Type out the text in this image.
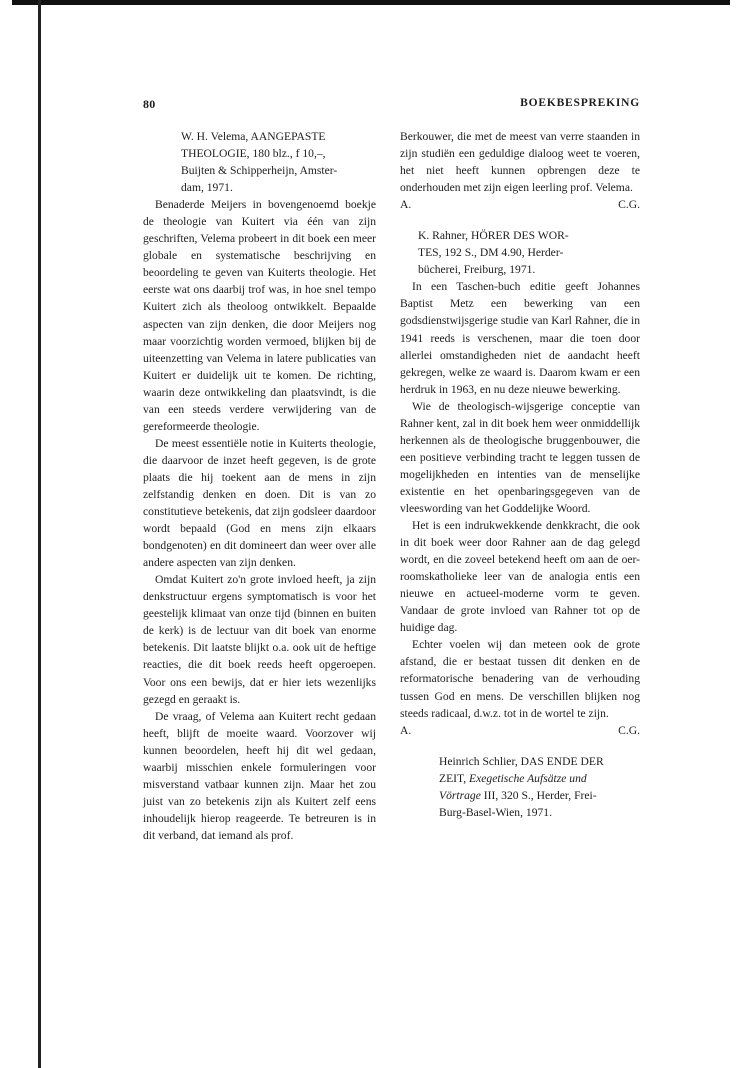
80	BOEKBESPREKING
W. H. Velema, AANGEPASTE
THEOLOGIE, 180 blz., f 10,–,
Buijten & Schipperheijn, Amster-
dam, 1971.

Benaderde Meijers in bovengenoemd boekje de theologie van Kuitert via één van zijn geschriften, Velema probeert in dit boek een meer globale en systematische beschrijving en beoordeling te geven van Kuiterts theologie. Het eerste wat ons daarbij trof was, in hoe snel tempo Kuitert zich als theoloog ontwikkelt. Bepaalde aspecten van zijn denken, die door Meijers nog maar voorzichtig worden vermoed, blijken bij de uiteenzetting van Velema in latere publicaties van Kuitert er duidelijk uit te komen. De richting, waarin deze ontwikkeling dan plaatsvindt, is die van een steeds verdere verwijdering van de gereformeerde theologie.

De meest essentiële notie in Kuiterts theologie, die daarvoor de inzet heeft gegeven, is de grote plaats die hij toekent aan de mens in zijn zelfstandig denken en doen. Dit is van zo constitutieve betekenis, dat zijn godsleer daardoor wordt bepaald (God en mens zijn elkaars bondgenoten) en dit domineert dan weer over alle andere aspecten van zijn denken.

Omdat Kuitert zo'n grote invloed heeft, ja zijn denkstructuur ergens symptomatisch is voor het geestelijk klimaat van onze tijd (binnen en buiten de kerk) is de lectuur van dit boek van enorme betekenis. Dit laatste blijkt o.a. ook uit de heftige reacties, die dit boek reeds heeft opgeroepen. Voor ons een bewijs, dat er hier iets wezenlijks gezegd en geraakt is.

De vraag, of Velema aan Kuitert recht gedaan heeft, blijft de moeite waard. Voorzover wij kunnen beoordelen, heeft hij dit wel gedaan, waarbij misschien enkele formuleringen voor misverstand vatbaar kunnen zijn. Maar het zou juist van zo betekenis zijn als Kuitert zelf eens inhoudelijk hierop reageerde. Te betreuren is in dit verband, dat iemand als prof.

Berkouwer, die met de meest van verre staanden in zijn studiën een geduldige dialoog weet te voeren, het niet heeft kunnen opbrengen deze te onderhouden met zijn eigen leerling prof. Velema.

A.	C.G.
K. Rahner, HÖRER DES WOR-
TES, 192 S., DM 4.90, Herder-
bücherei, Freiburg, 1971.

In een Taschen-buch editie geeft Johannes Baptist Metz een bewerking van een godsdienstwijsgerige studie van Karl Rahner, die in 1941 reeds is verschenen, maar die toen door allerlei omstandigheden niet de aandacht heeft gekregen, welke ze waard is. Daarom kwam er een herdruk in 1963, en nu deze nieuwe bewerking.

Wie de theologisch-wijsgerige conceptie van Rahner kent, zal in dit boek hem weer onmiddellijk herkennen als de theologische bruggenbouwer, die een positieve verbinding tracht te leggen tussen de mogelijkheden en intenties van de menselijke existentie en het openbaringsgegeven van de vleeswording van het Goddelijke Woord.

Het is een indrukwekkende denkkracht, die ook in dit boek weer door Rahner aan de dag gelegd wordt, en die zoveel betekend heeft om aan de oer-roomskatholieke leer van de analogia entis een nieuwe en actueel-moderne vorm te geven. Vandaar de grote invloed van Rahner tot op de huidige dag.

Echter voelen wij dan meteen ook de grote afstand, die er bestaat tussen dit denken en de reformatorische benadering van de verhouding tussen God en mens. De verschillen blijken nog steeds radicaal, d.w.z. tot in de wortel te zijn.

A.	C.G.
Heinrich Schlier, DAS ENDE DER
ZEIT, Exegetische Aufsätze und
Vörtrage III, 320 S., Herder, Frei-
Burg-Basel-Wien, 1971.
